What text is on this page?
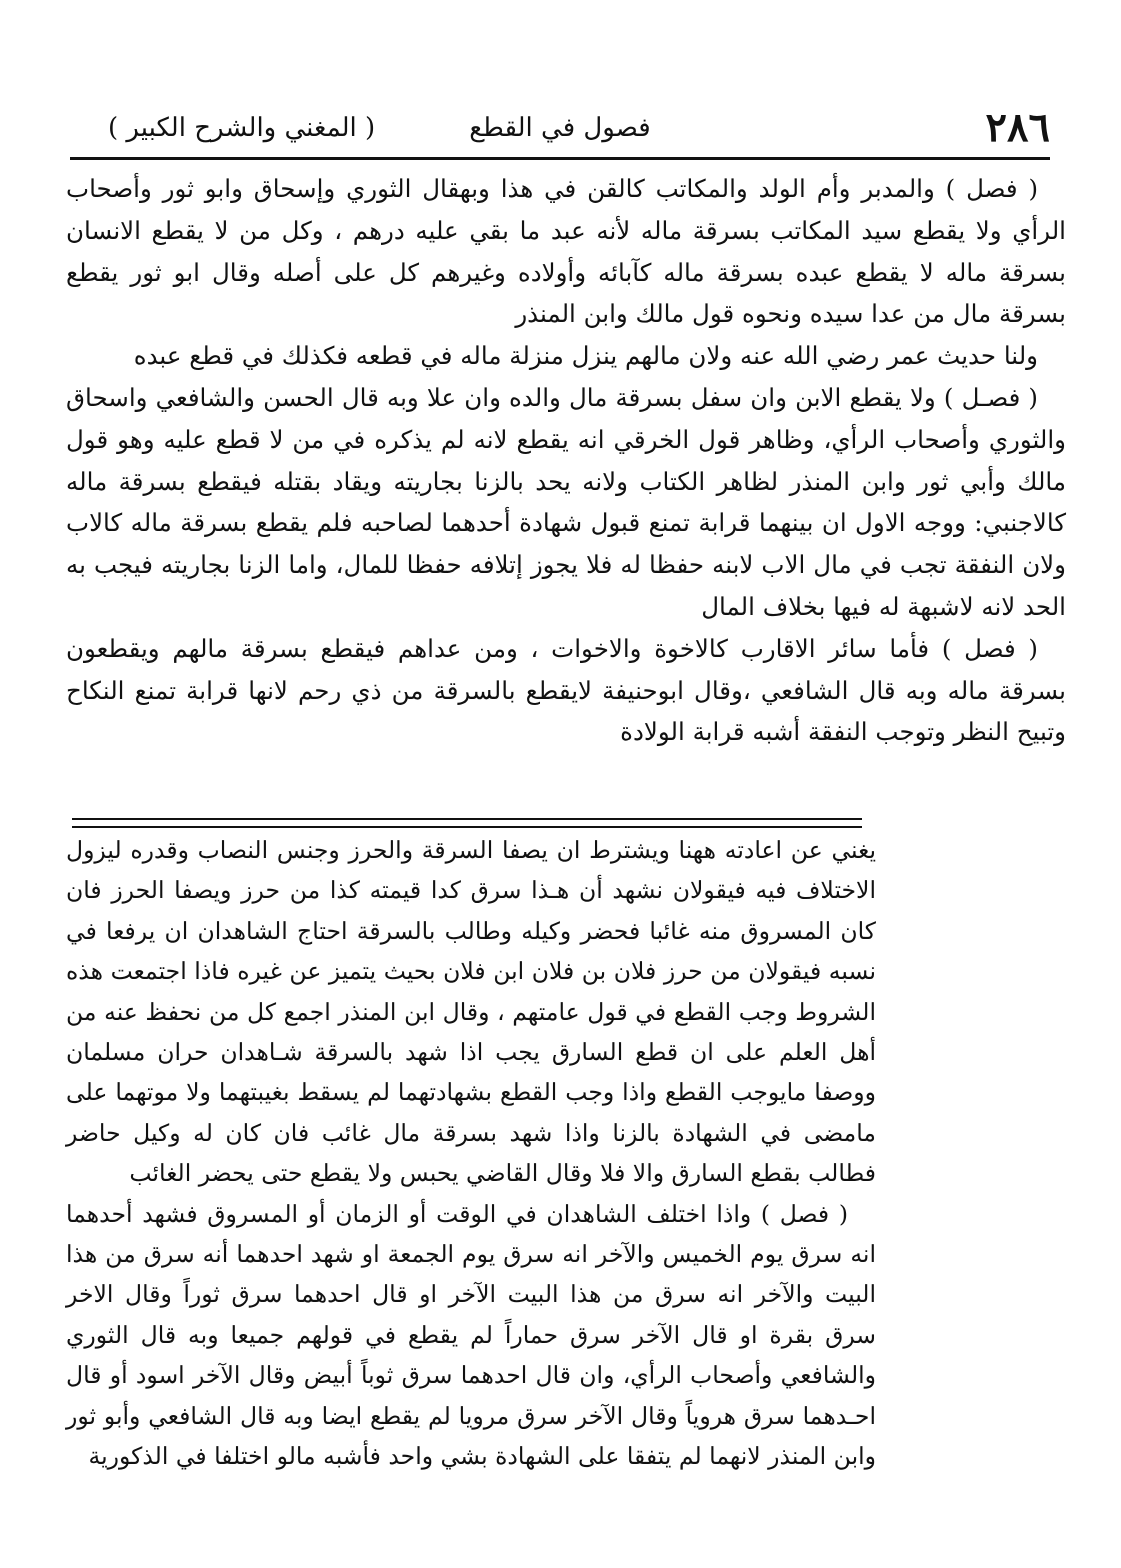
٢٨٦
فصول في القطع
( المغني والشرح الكبير )

( فصل ) والمدبر وأم الولد والمكاتب كالقن في هذا وبهقال الثوري وإسحاق وابو ثور وأصحاب الرأي ولا يقطع سيد المكاتب بسرقة ماله لأنه عبد ما بقي عليه درهم ، وكل من لا يقطع الانسان بسرقة ماله لا يقطع عبده بسرقة ماله كآبائه وأولاده وغيرهم كل على أصله وقال ابو ثور يقطع بسرقة مال من عدا سيده ونحوه قول مالك وابن المنذر

ولنا حديث عمر رضي الله عنه ولان مالهم ينزل منزلة ماله في قطعه فكذلك في قطع عبده

( فصـل ) ولا يقطع الابن وان سفل بسرقة مال والده وان علا وبه قال الحسن والشافعي واسحاق والثوري وأصحاب الرأي، وظاهر قول الخرقي انه يقطع لانه لم يذكره في من لا قطع عليه وهو قول مالك وأبي ثور وابن المنذر لظاهر الكتاب ولانه يحد بالزنا بجاريته ويقاد بقتله فيقطع بسرقة ماله كالاجنبي: ووجه الاول ان بينهما قرابة تمنع قبول شهادة أحدهما لصاحبه فلم يقطع بسرقة ماله كالاب ولان النفقة تجب في مال الاب لابنه حفظا له فلا يجوز إتلافه حفظا للمال، واما الزنا بجاريته فيجب به الحد لانه لاشبهة له فيها بخلاف المال

( فصل ) فأما سائر الاقارب كالاخوة والاخوات ، ومن عداهم فيقطع بسرقة مالهم ويقطعون بسرقة ماله وبه قال الشافعي ،وقال ابوحنيفة لايقطع بالسرقة من ذي رحم لانها قرابة تمنع النكاح وتبيح النظر وتوجب النفقة أشبه قرابة الولادة

يغني عن اعادته ههنا ويشترط ان يصفا السرقة والحرز وجنس النصاب وقدره ليزول الاختلاف فيه فيقولان نشهد أن هـذا سرق كدا قيمته كذا من حرز ويصفا الحرز فان كان المسروق منه غائبا فحضر وكيله وطالب بالسرقة احتاج الشاهدان ان يرفعا في نسبه فيقولان من حرز فلان بن فلان ابن فلان بحيث يتميز عن غيره فاذا اجتمعت هذه الشروط وجب القطع في قول عامتهم ، وقال ابن المنذر اجمع كل من نحفظ عنه من أهل العلم على ان قطع السارق يجب اذا شهد بالسرقة شـاهدان حران مسلمان ووصفا مايوجب القطع واذا وجب القطع بشهادتهما لم يسقط بغيبتهما ولا موتهما على مامضى في الشهادة بالزنا واذا شهد بسرقة مال غائب فان كان له وكيل حاضر فطالب بقطع السارق والا فلا وقال القاضي يحبس ولا يقطع حتى يحضر الغائب

( فصل ) واذا اختلف الشاهدان في الوقت أو الزمان أو المسروق فشهد أحدهما انه سرق يوم الخميس والآخر انه سرق يوم الجمعة او شهد احدهما أنه سرق من هذا البيت والآخر انه سرق من هذا البيت الآخر او قال احدهما سرق ثوراً وقال الاخر سرق بقرة او قال الآخر سرق حماراً لم يقطع في قولهم جميعا وبه قال الثوري والشافعي وأصحاب الرأي، وان قال احدهما سرق ثوباً أبيض وقال الآخر اسود أو قال احـدهما سرق هروياً وقال الآخر سرق مرويا لم يقطع ايضا وبه قال الشافعي وأبو ثور وابن المنذر لانهما لم يتفقا على الشهادة بشي واحد فأشبه مالو اختلفا في الذكورية
